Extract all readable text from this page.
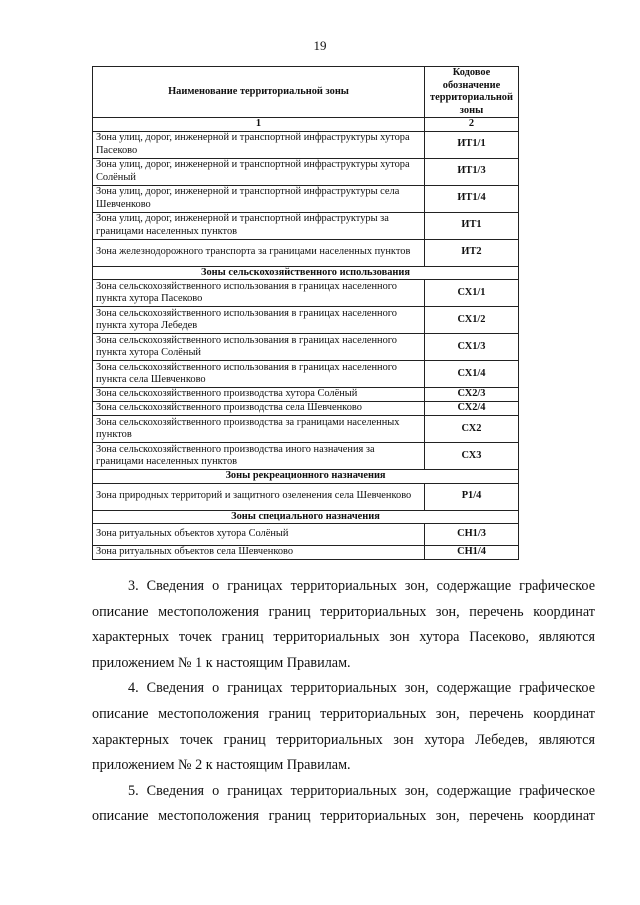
19
Наименование территориальной зоны	Кодовое обозначение территориальной зоны
1	2
Зона улиц, дорог, инженерной и транспортной инфраструктуры хутора Пасеково	ИТ1/1
Зона улиц, дорог, инженерной и транспортной инфраструктуры хутора Солёный	ИТ1/3
Зона улиц, дорог, инженерной и транспортной инфраструктуры села Шевченково	ИТ1/4
Зона улиц, дорог, инженерной и транспортной инфраструктуры за границами населенных пунктов	ИТ1
Зона железнодорожного транспорта за границами населенных пунктов	ИТ2
Зоны сельскохозяйственного использования	
Зона сельскохозяйственного использования в границах населенного пункта хутора Пасеково	СХ1/1
Зона сельскохозяйственного использования в границах населенного пункта хутора Лебедев	СХ1/2
Зона сельскохозяйственного использования в границах населенного пункта хутора Солёный	СХ1/3
Зона сельскохозяйственного использования в границах населенного пункта села Шевченково	СХ1/4
Зона сельскохозяйственного производства хутора Солёный	СХ2/3
Зона сельскохозяйственного производства села Шевченково	СХ2/4
Зона сельскохозяйственного производства за границами населенных пунктов	СХ2
Зона сельскохозяйственного производства иного назначения за границами населенных пунктов	СХ3
Зоны рекреационного назначения	
Зона природных территорий и защитного озеленения села Шевченково	Р1/4
Зоны специального назначения	
Зона ритуальных объектов хутора Солёный	СН1/3
Зона ритуальных объектов села Шевченково	СН1/4

3. Сведения о границах территориальных зон, содержащие графическое описание местоположения границ территориальных зон, перечень координат характерных точек границ территориальных зон хутора Пасеково, являются приложением № 1 к настоящим Правилам.

4. Сведения о границах территориальных зон, содержащие графическое описание местоположения границ территориальных зон, перечень координат характерных точек границ территориальных зон хутора Лебедев, являются приложением № 2 к настоящим Правилам.

5. Сведения о границах территориальных зон, содержащие графическое описание местоположения границ территориальных зон, перечень координат
